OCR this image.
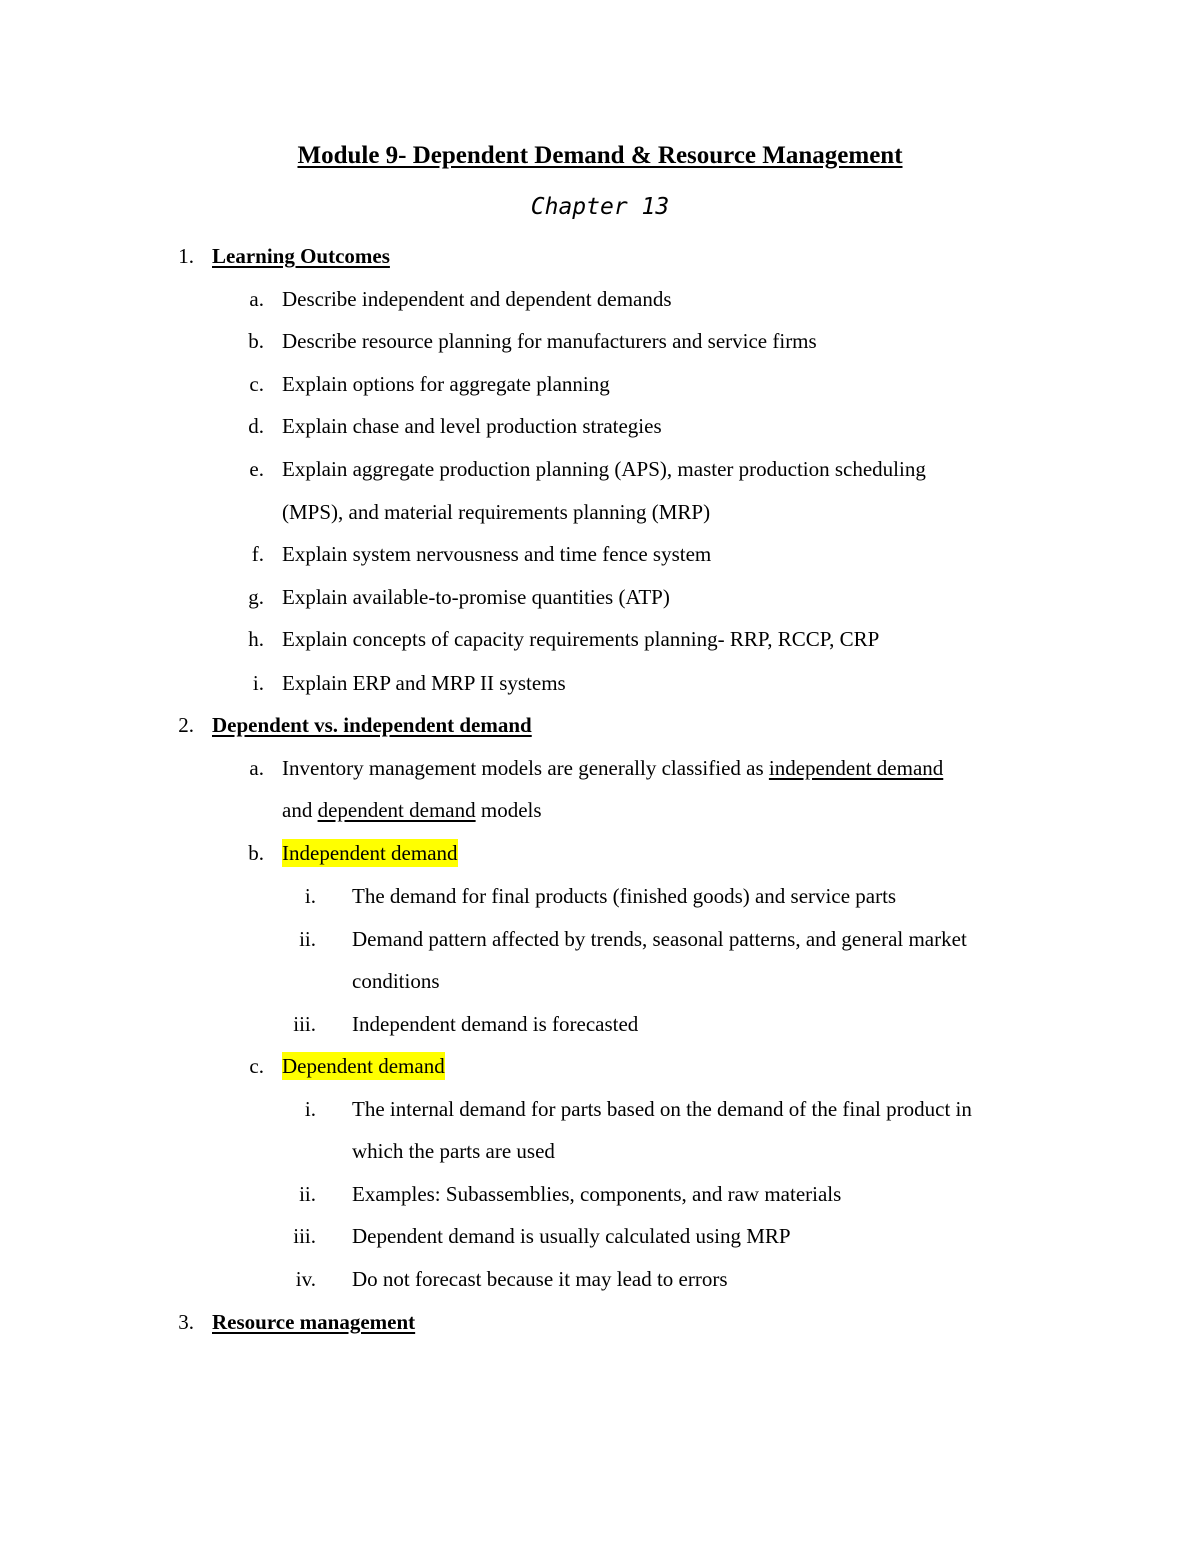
Module 9- Dependent Demand & Resource Management
Chapter 13
1. Learning Outcomes
a. Describe independent and dependent demands
b. Describe resource planning for manufacturers and service firms
c. Explain options for aggregate planning
d. Explain chase and level production strategies
e. Explain aggregate production planning (APS), master production scheduling
(MPS), and material requirements planning (MRP)
f. Explain system nervousness and time fence system
g. Explain available-to-promise quantities (ATP)
h. Explain concepts of capacity requirements planning- RRP, RCCP, CRP
i. Explain ERP and MRP II systems
2. Dependent vs. independent demand
a. Inventory management models are generally classified as independent demand
and dependent demand models
b. Independent demand
i. The demand for final products (finished goods) and service parts
ii. Demand pattern affected by trends, seasonal patterns, and general market
conditions
iii. Independent demand is forecasted
c. Dependent demand
i. The internal demand for parts based on the demand of the final product in
which the parts are used
ii. Examples: Subassemblies, components, and raw materials
iii. Dependent demand is usually calculated using MRP
iv. Do not forecast because it may lead to errors
3. Resource management
